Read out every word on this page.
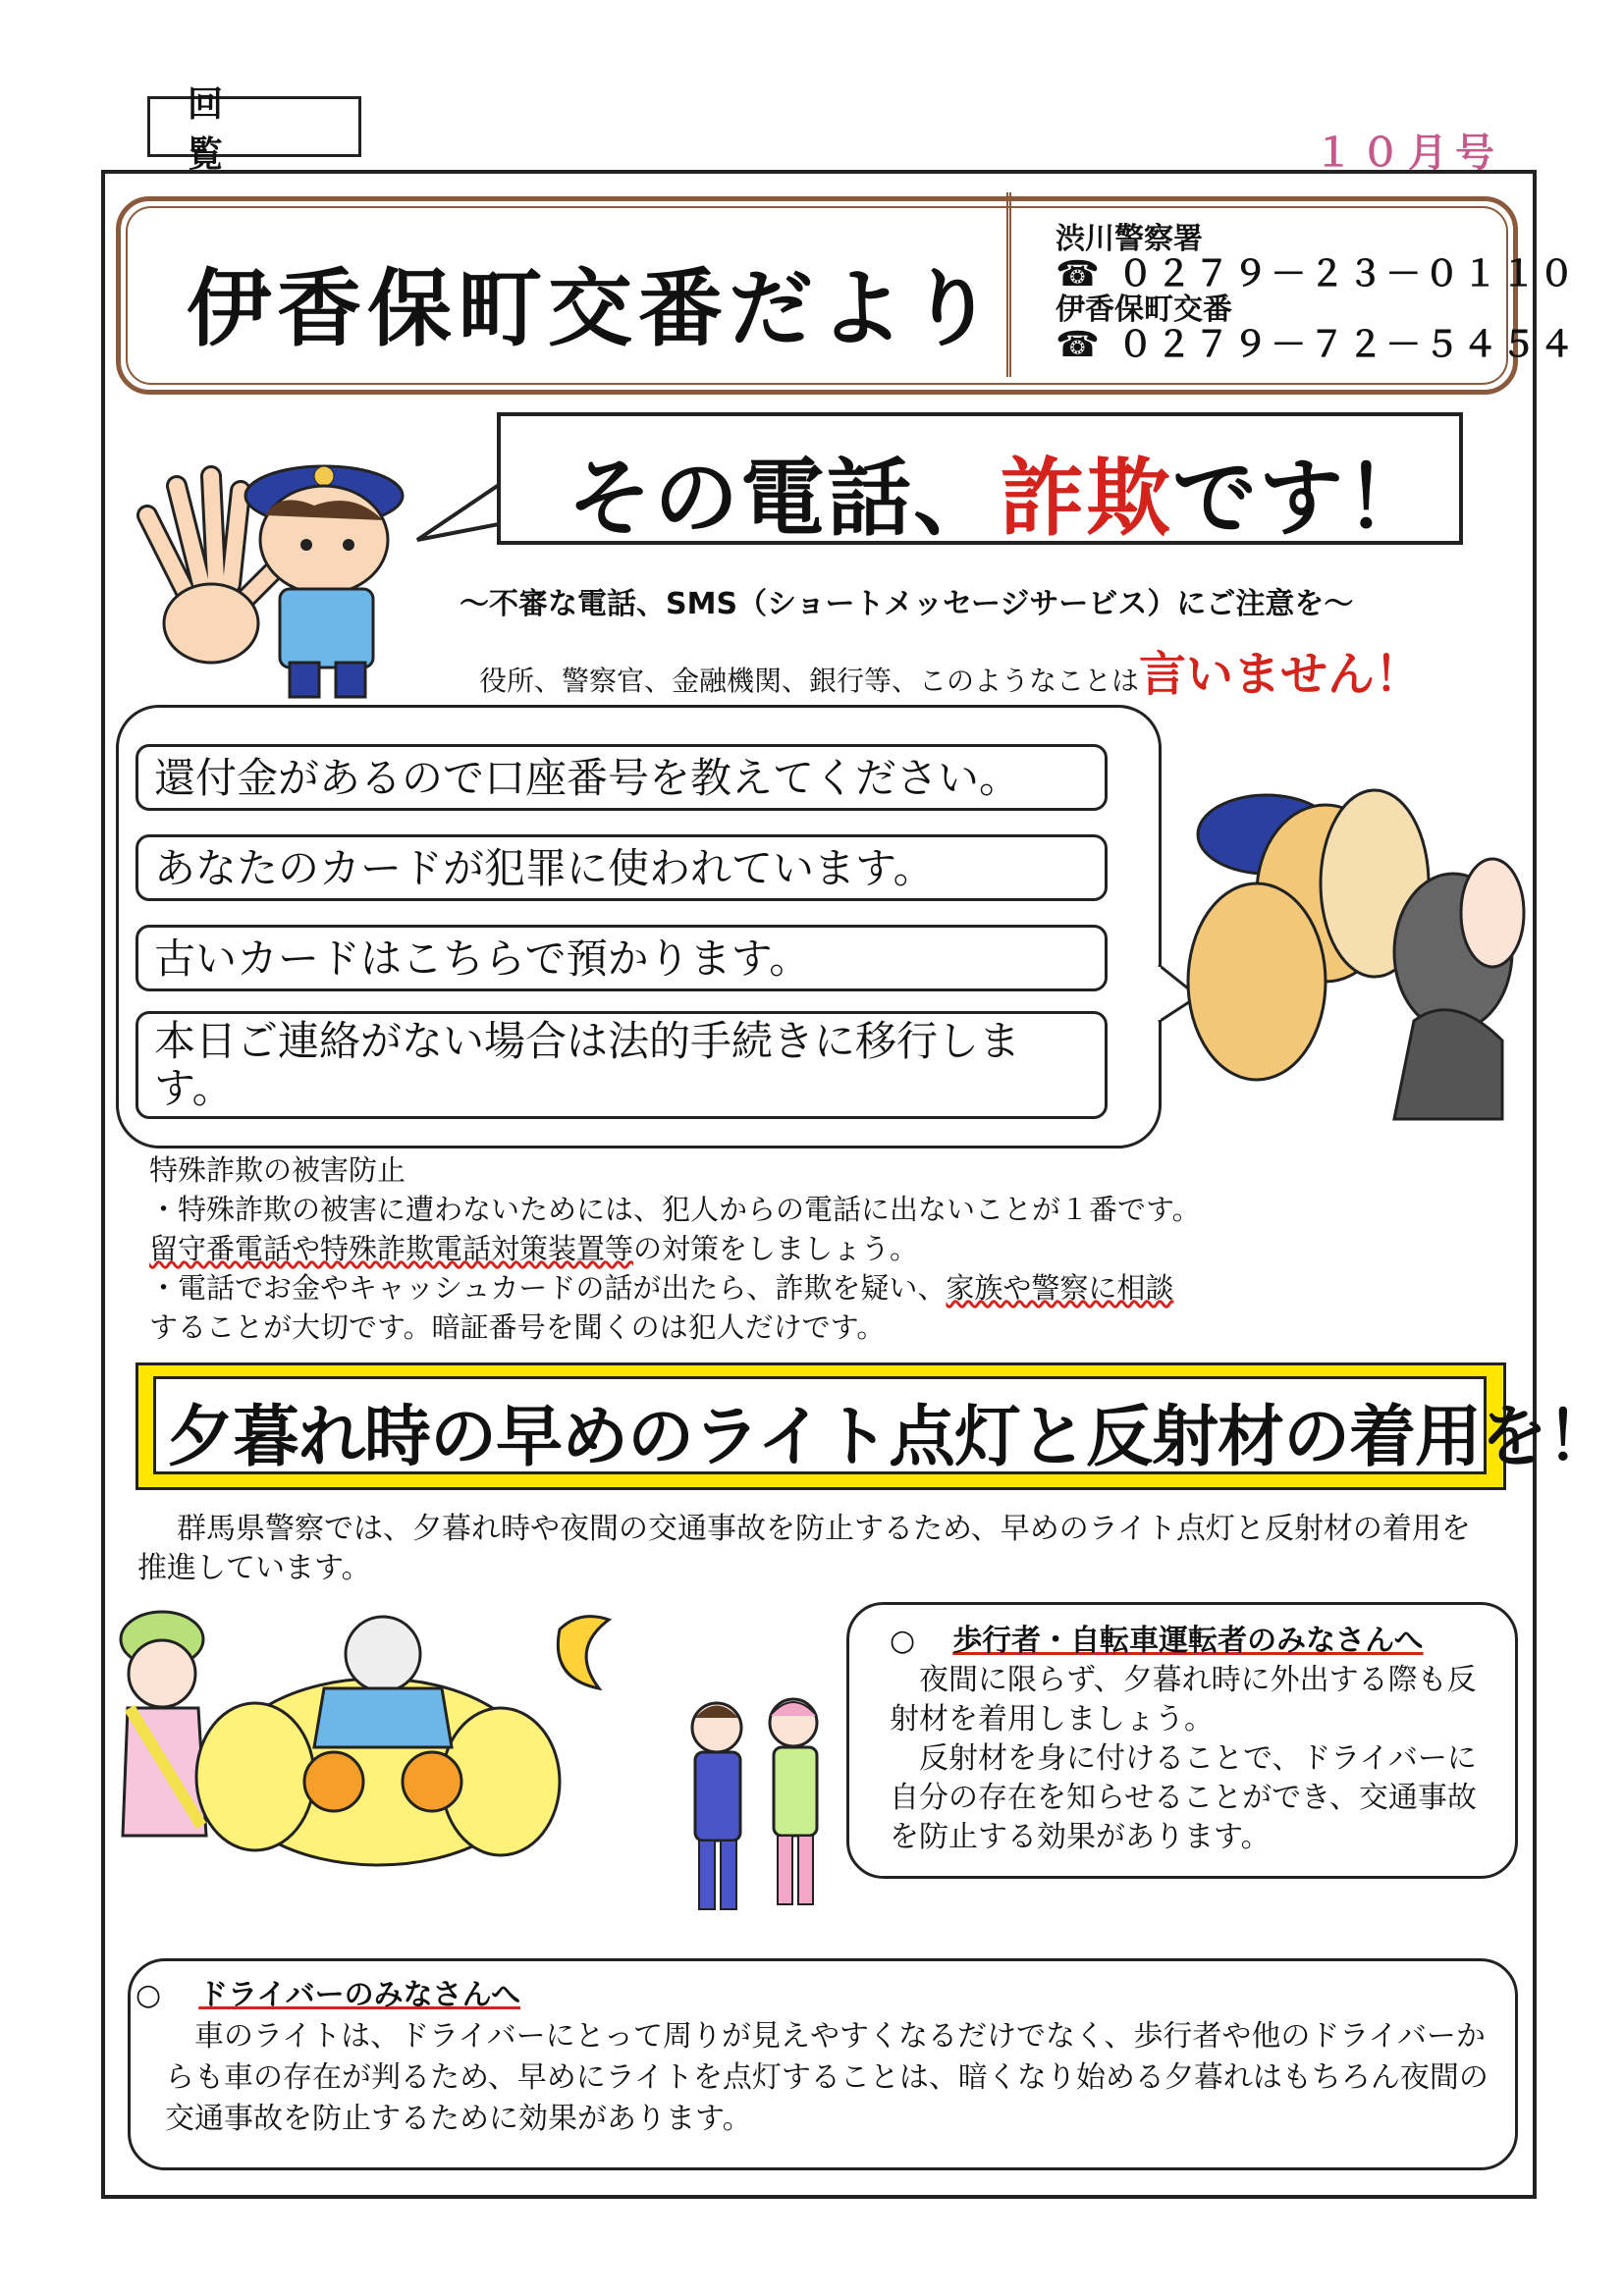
回　覧	１０月号
伊香保町交番だより
渋川警察署
☎ ０２７９－２３－０１１０
伊香保町交番
☎ ０２７９－７２－５４５４
その電話、詐欺です！
～不審な電話、SMS（ショートメッセージサービス）にご注意を～
役所、警察官、金融機関、銀行等、このようなことは言いません！
還付金があるので口座番号を教えてください。
あなたのカードが犯罪に使われています。
古いカードはこちらで預かります。
本日ご連絡がない場合は法的手続きに移行します。
特殊詐欺の被害防止
・特殊詐欺の被害に遭わないためには、犯人からの電話に出ないことが１番です。
留守番電話や特殊詐欺電話対策装置等の対策をしましょう。
・電話でお金やキャッシュカードの話が出たら、詐欺を疑い、家族や警察に相談
することが大切です。暗証番号を聞くのは犯人だけです。
夕暮れ時の早めのライト点灯と反射材の着用を！
群馬県警察では、夕暮れ時や夜間の交通事故を防止するため、早めのライト点灯と反射材の着用を推進しています。
○ 歩行者・自転車運転者のみなさんへ
夜間に限らず、夕暮れ時に外出する際も反射材を着用しましょう。
反射材を身に付けることで、ドライバーに自分の存在を知らせることができ、交通事故を防止する効果があります。
○ ドライバーのみなさんへ
車のライトは、ドライバーにとって周りが見えやすくなるだけでなく、歩行者や他のドライバーからも車の存在が判るため、早めにライトを点灯することは、暗くなり始める夕暮れはもちろん夜間の交通事故を防止するために効果があります。
